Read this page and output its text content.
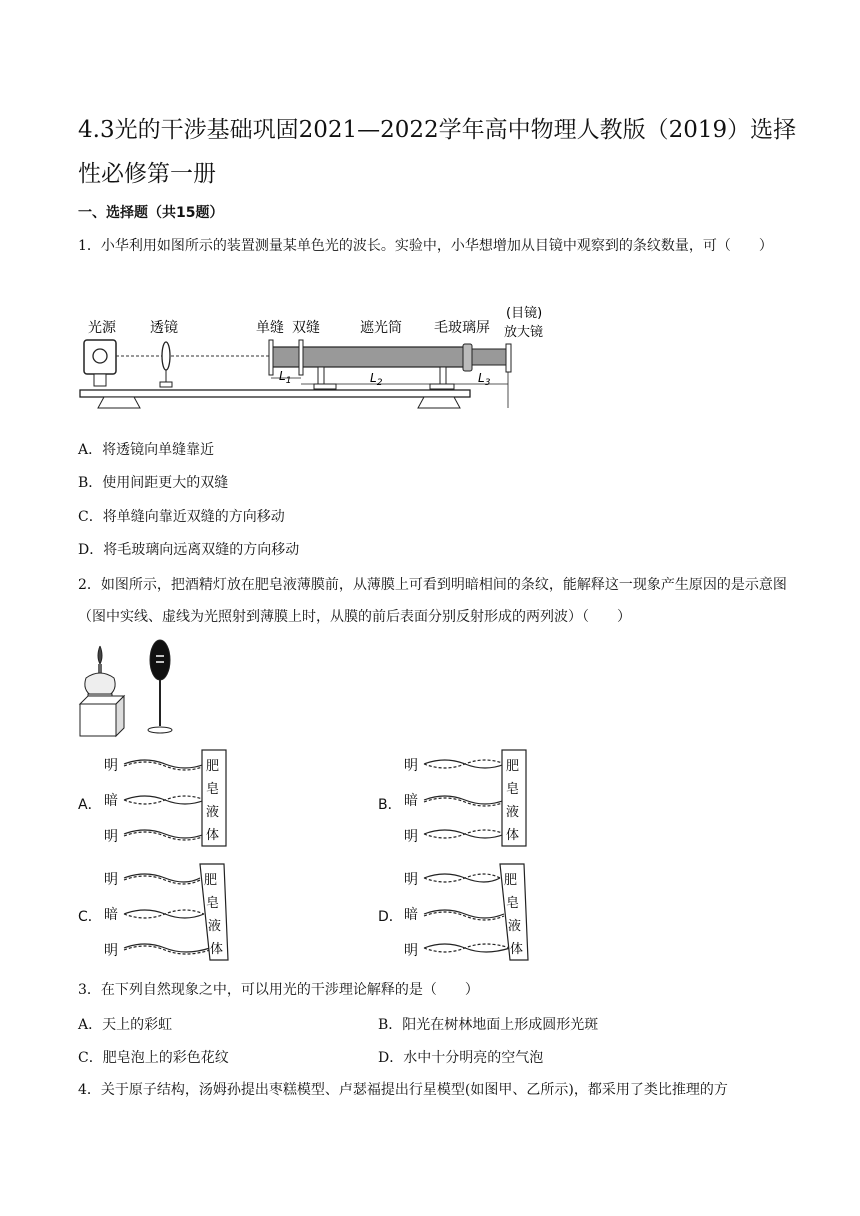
4.3光的干涉基础巩固2021—2022学年高中物理人教版（2019）选择性必修第一册
一、选择题（共15题）
1．小华利用如图所示的装置测量某单色光的波长。实验中，小华想增加从目镜中观察到的条纹数量，可（　　）
光源 透镜	单缝 双缝	遮光筒 毛玻璃屏
(目镜)
放大镜
$L_1$	$L_2$	$L_3$
A．将透镜向单缝靠近
B．使用间距更大的双缝
C．将单缝向靠近双缝的方向移动
D．将毛玻璃向远离双缝的方向移动
2．如图所示，把酒精灯放在肥皂液薄膜前，从薄膜上可看到明暗相间的条纹，能解释这一现象产生原因的是示意图（图中实线、虚线为光照射到薄膜上时，从膜的前后表面分别反射形成的两列波）（　　）
A．
明
暗
明
肥
皂
液
体
B．
明
暗
明
肥
皂
液
体
C．
明
暗
明
肥
皂
液
体
D．
明
暗
明
肥
皂
液
体
3．在下列自然现象之中，可以用光的干涉理论解释的是（　　）
A．天上的彩虹	B．阳光在树林地面上形成圆形光斑
C．肥皂泡上的彩色花纹	D．水中十分明亮的空气泡
4．关于原子结构，汤姆孙提出枣糕模型、卢瑟福提出行星模型(如图甲、乙所示)，都采用了类比推理的方
